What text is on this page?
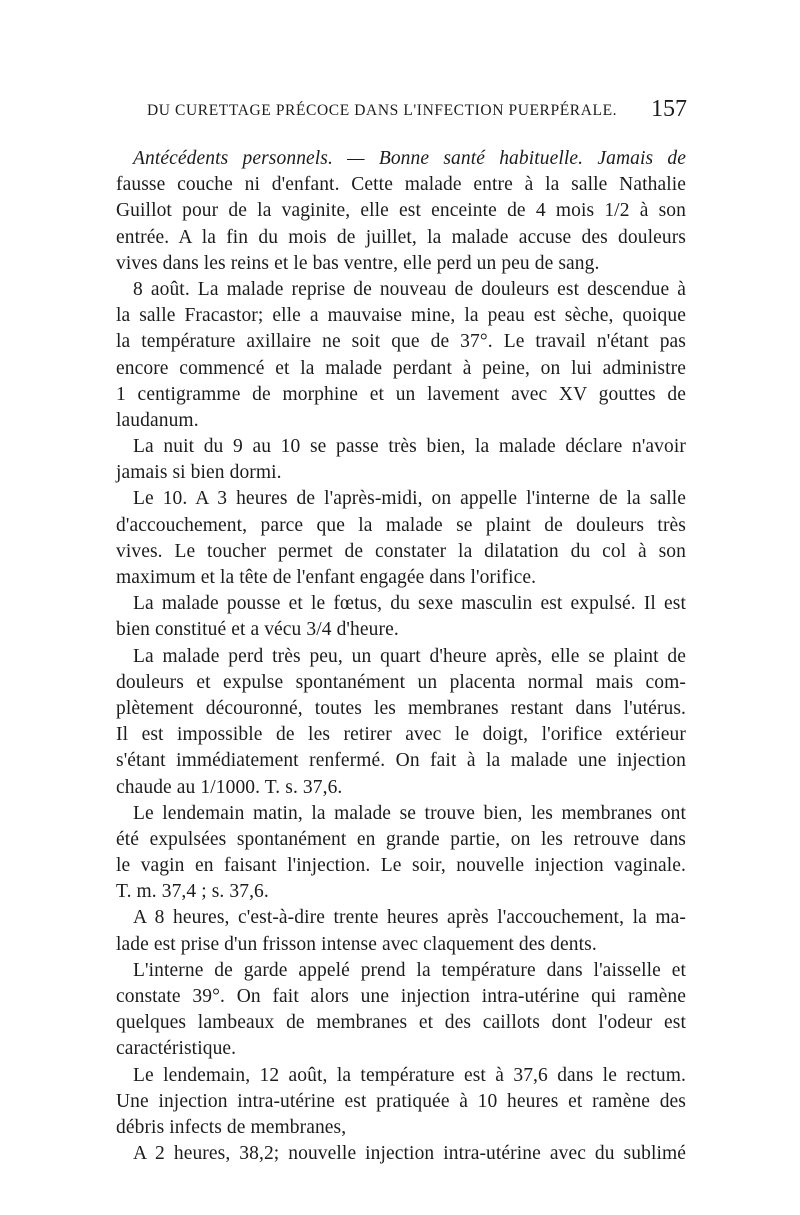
DU CURETTAGE PRÉCOCE DANS L'INFECTION PUERPÉRALE. 157
Antécédents personnels. — Bonne santé habituelle. Jamais de
fausse couche ni d'enfant. Cette malade entre à la salle Nathalie
Guillot pour de la vaginite, elle est enceinte de 4 mois 1/2 à son
entrée. A la fin du mois de juillet, la malade accuse des douleurs
vives dans les reins et le bas ventre, elle perd un peu de sang.
8 août. La malade reprise de nouveau de douleurs est descendue à
la salle Fracastor; elle a mauvaise mine, la peau est sèche, quoique
la température axillaire ne soit que de 37°. Le travail n'étant pas
encore commencé et la malade perdant à peine, on lui administre
1 centigramme de morphine et un lavement avec XV gouttes de
laudanum.
La nuit du 9 au 10 se passe très bien, la malade déclare n'avoir
jamais si bien dormi.
Le 10. A 3 heures de l'après-midi, on appelle l'interne de la salle
d'accouchement, parce que la malade se plaint de douleurs très
vives. Le toucher permet de constater la dilatation du col à son
maximum et la tête de l'enfant engagée dans l'orifice.
La malade pousse et le fœtus, du sexe masculin est expulsé. Il est
bien constitué et a vécu 3/4 d'heure.
La malade perd très peu, un quart d'heure après, elle se plaint de
douleurs et expulse spontanément un placenta normal mais com-
plètement découronné, toutes les membranes restant dans l'utérus.
Il est impossible de les retirer avec le doigt, l'orifice extérieur
s'étant immédiatement renfermé. On fait à la malade une injection
chaude au 1/1000. T. s. 37,6.
Le lendemain matin, la malade se trouve bien, les membranes ont
été expulsées spontanément en grande partie, on les retrouve dans
le vagin en faisant l'injection. Le soir, nouvelle injection vaginale.
T. m. 37,4 ; s. 37,6.
A 8 heures, c'est-à-dire trente heures après l'accouchement, la ma-
lade est prise d'un frisson intense avec claquement des dents.
L'interne de garde appelé prend la température dans l'aisselle et
constate 39°. On fait alors une injection intra-utérine qui ramène
quelques lambeaux de membranes et des caillots dont l'odeur est
caractéristique.
Le lendemain, 12 août, la température est à 37,6 dans le rectum.
Une injection intra-utérine est pratiquée à 10 heures et ramène des
débris infects de membranes,
A 2 heures, 38,2; nouvelle injection intra-utérine avec du sublimé
